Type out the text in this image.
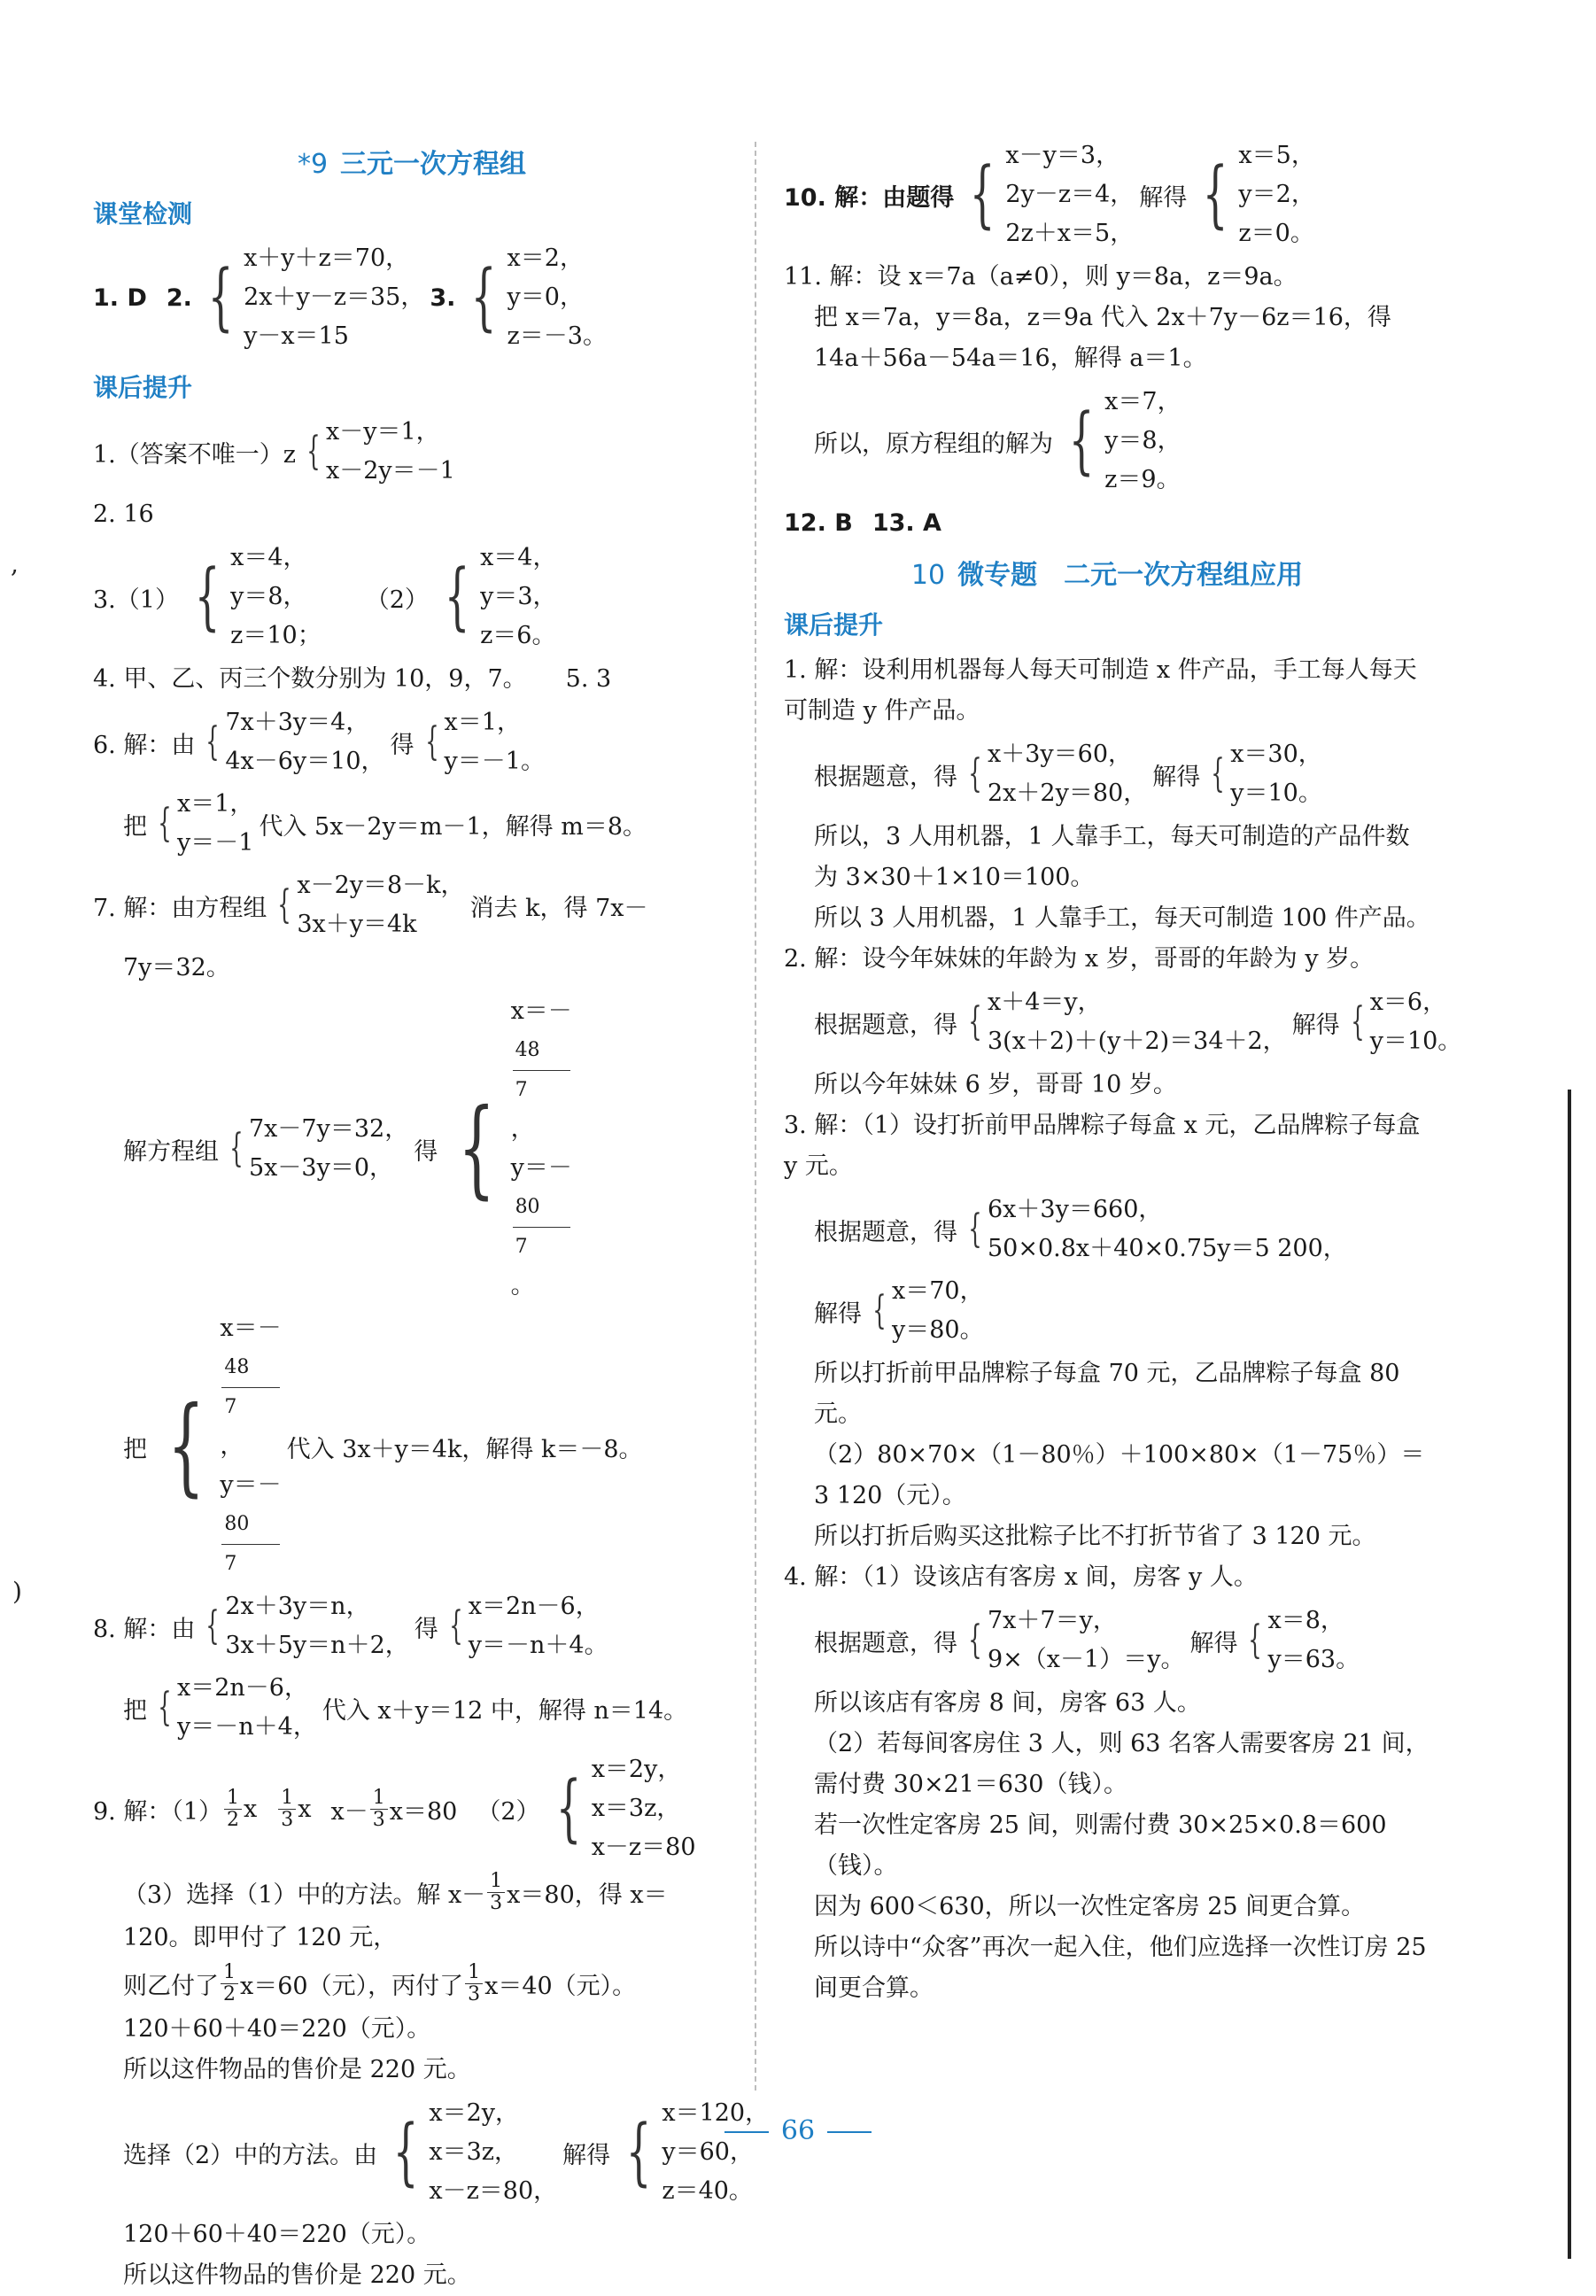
,
)
*9 三元一次方程组
课堂检测
1. D 2. { x＋y＋z＝70，
2x＋y－z＝35，
y－x＝15
3. { x＝2，
y＝0，
z＝－3。
课后提升
1.（答案不唯一）z { x－y＝1，
x－2y＝－1
2. 16
3.（1） { x＝4，
y＝8，
z＝10；
（2） { x＝4，
y＝3，
z＝6。
4. 甲、乙、丙三个数分别为 10，9，7。 5. 3
6. 解：由 { 7x＋3y＝4，
4x－6y＝10，
得 { x＝1，
y＝－1。
把 { x＝1，
y＝－1
代入 5x－2y＝m－1，解得 m＝8。
7. 解：由方程组 { x－2y＝8－k，
3x＋y＝4k
消去 k，得 7x－
7y＝32。
解方程组 { 7x－7y＝32，
5x－3y＝0，
得 {
x＝－
48
7
，
y＝－
80
7
。
把 {
x＝－
48
7
，
y＝－
80
7
代入 3x＋y＝4k，解得 k＝－8。
8. 解：由 { 2x＋3y＝n，
3x＋5y＝n＋2，
得 { x＝2n－6，
y＝－n＋4。
把 { x＝2n－6，
y＝－n＋4，
代入 x＋y＝12 中，解得 n＝14。
9. 解：$(1) \frac{1}{2}$ x $\frac{1}{3}$ x $x- \frac{1}{3} x=80$ （2） { x＝2y，
x＝3z，
x－z＝80
（3）选择（1）中的方法。解 $x- \frac{1}{3} x=80$，得 x＝
120。即甲付了 120 元，
则乙付了 $\frac{1}{2} x=60$（元），丙付了 $\frac{1}{3} x=40$（元）。
120＋60＋40＝220（元）。
所以这件物品的售价是 220 元。
选择（2）中的方法。由 { x＝2y，
x＝3z，
x－z＝80，
解得 { x＝120，
y＝60，
z＝40。
120＋60＋40＝220（元）。
所以这件物品的售价是 220 元。
10. 解：由题得 { x－y＝3，
2y－z＝4，
2z＋x＝5，
解得 { x＝5，
y＝2，
z＝0。
11. 解：设 x＝7a（a≠0），则 y＝8a，z＝9a。
把 x＝7a，y＝8a，z＝9a 代入 2x＋7y－6z＝16，得 14a＋56a－54a＝16，解得 a＝1。
所以，原方程组的解为 { x＝7，
y＝8，
z＝9。
12. B 13. A
10 微专题　二元一次方程组应用
课后提升
1. 解：设利用机器每人每天可制造 x 件产品，手工每人每天可制造 y 件产品。
根据题意，得 { x＋3y＝60，
2x＋2y＝80，
解得 { x＝30，
y＝10。
所以，3 人用机器，1 人靠手工，每天可制造的产品件数为 3×30＋1×10＝100。
所以 3 人用机器，1 人靠手工，每天可制造 100 件产品。
2. 解：设今年妹妹的年龄为 x 岁，哥哥的年龄为 y 岁。
根据题意，得 { x＋4＝y，
3(x＋2)＋(y＋2)＝34＋2，
解得 { x＝6，
y＝10。
所以今年妹妹 6 岁，哥哥 10 岁。
3. 解：（1）设打折前甲品牌粽子每盒 x 元，乙品牌粽子每盒 y 元。
根据题意，得 { 6x＋3y＝660，
50×0.8x＋40×0.75y＝5 200，
解得 { x＝70，
y＝80。
所以打折前甲品牌粽子每盒 70 元，乙品牌粽子每盒 80 元。
（2）80×70×（1－80％）＋100×80×（1－75％）＝3 120（元）。
所以打折后购买这批粽子比不打折节省了 3 120 元。
4. 解：（1）设该店有客房 x 间，房客 y 人。
根据题意，得 { 7x＋7＝y，
9×（x－1）＝y。
解得 { x＝8，
y＝63。
所以该店有客房 8 间，房客 63 人。
（2）若每间客房住 3 人，则 63 名客人需要客房 21 间，需付费 30×21＝630（钱）。
若一次性定客房 25 间，则需付费 30×25×0.8＝600（钱）。
因为 600＜630，所以一次性定客房 25 间更合算。
所以诗中“众客”再次一起入住，他们应选择一次性订房 25 间更合算。
66
